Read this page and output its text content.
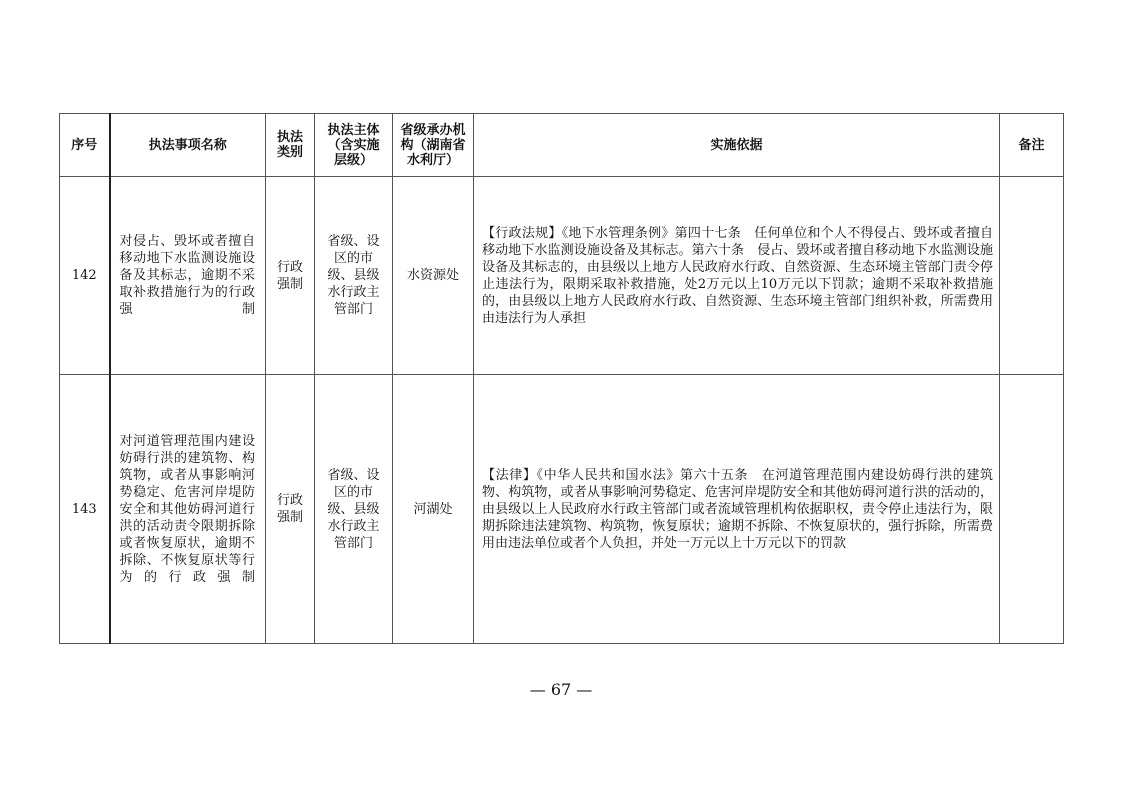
序号	执法事项名称	执法类别	执法主体（含实施层级）	省级承办机构（湖南省水利厅）	实施依据	备注
142	对侵占、毁坏或者擅自移动地下水监测设施设备及其标志，逾期不采取补救措施行为的行政强制	行政强制	省级、设区的市级、县级水行政主管部门	水资源处	【行政法规】《地下水管理条例》第四十七条　任何单位和个人不得侵占、毁坏或者擅自移动地下水监测设施设备及其标志。第六十条　侵占、毁坏或者擅自移动地下水监测设施设备及其标志的，由县级以上地方人民政府水行政、自然资源、生态环境主管部门责令停止违法行为，限期采取补救措施，处2万元以上10万元以下罚款；逾期不采取补救措施的，由县级以上地方人民政府水行政、自然资源、生态环境主管部门组织补救，所需费用由违法行为人承担	
143	对河道管理范围内建设妨碍行洪的建筑物、构筑物，或者从事影响河势稳定、危害河岸堤防安全和其他妨碍河道行洪的活动责令限期拆除或者恢复原状，逾期不拆除、不恢复原状等行为的行政强制	行政强制	省级、设区的市级、县级水行政主管部门	河湖处	【法律】《中华人民共和国水法》第六十五条　在河道管理范围内建设妨碍行洪的建筑物、构筑物，或者从事影响河势稳定、危害河岸堤防安全和其他妨碍河道行洪的活动的，由县级以上人民政府水行政主管部门或者流域管理机构依据职权，责令停止违法行为，限期拆除违法建筑物、构筑物，恢复原状；逾期不拆除、不恢复原状的，强行拆除，所需费用由违法单位或者个人负担，并处一万元以上十万元以下的罚款	
— 67 —
